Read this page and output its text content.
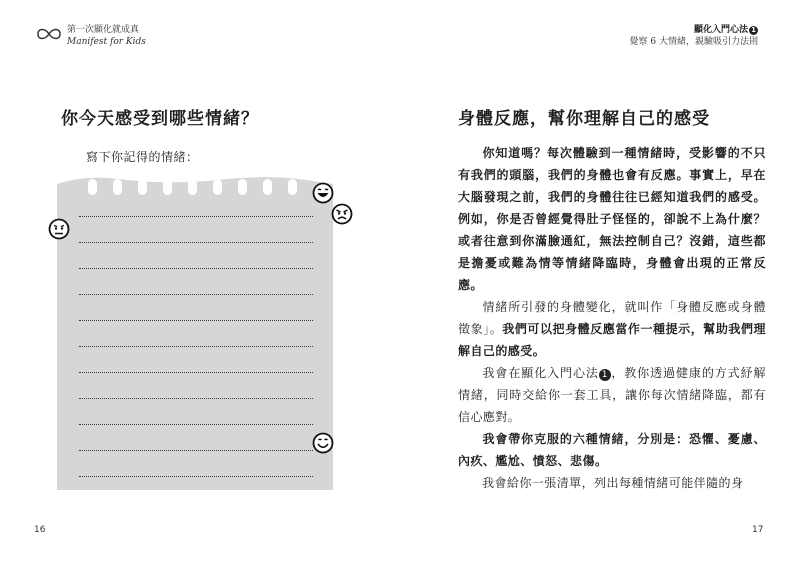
第一次顯化就成真
Manifest for Kids
你今天感受到哪些情緒？
寫下你記得的情緒：
16
顯化入門心法 1
覺察 6 大情緒，親驗吸引力法則
身體反應，幫你理解自己的感受
你知道嗎？每次體驗到一種情緒時，受影響的不只有我們的頭腦，我們的身體也會有反應。事實上，早在大腦發現之前，我們的身體往往已經知道我們的感受。例如，你是否曾經覺得肚子怪怪的，卻說不上為什麼？或者往意到你滿臉通紅，無法控制自己？沒錯，這些都是擔憂或難為情等情緒降臨時，身體會出現的正常反應。
情緒所引發的身體變化，就叫作「身體反應或身體徵象」。我們可以把身體反應當作一種提示，幫助我們理解自己的感受。
我會在顯化入門心法 1 ，教你透過健康的方式紓解情緒，同時交給你一套工具，讓你每次情緒降臨，都有信心應對。
我會帶你克服的六種情緒，分別是：恐懼、憂慮、內疚、尷尬、憤怒、悲傷。
我會給你一張清單，列出每種情緒可能伴隨的身
17
